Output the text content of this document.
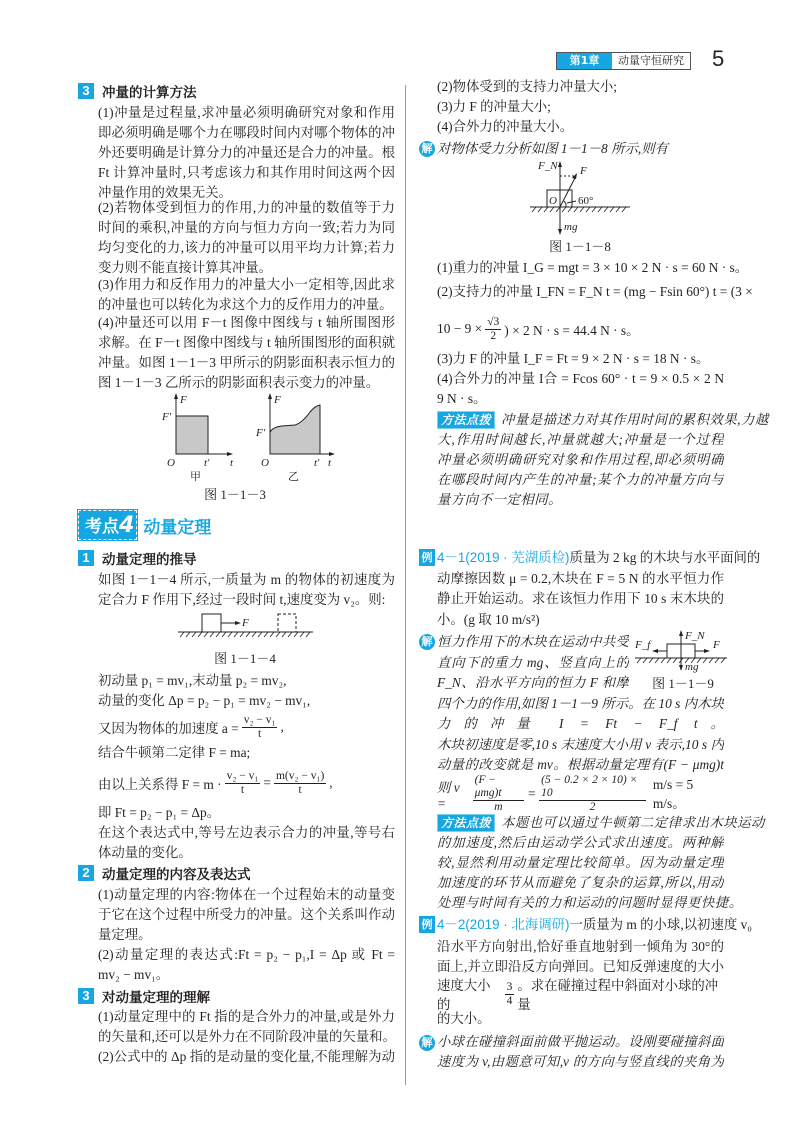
第1章	动量守恒研究 5
3 冲量的计算方法
(1)冲量是过程量,求冲量必须明确研究对象和作用
即必须明确是哪个力在哪段时间内对哪个物体的冲
外还要明确是计算分力的冲量还是合力的冲量。根
Ft 计算冲量时,只考虑该力和其作用时间这两个因
冲量作用的效果无关。
(2)若物体受到恒力的作用,力的冲量的数值等于力
时间的乘积,冲量的方向与恒力方向一致;若力为同
均匀变化的力,该力的冲量可以用平均力计算;若力
变力则不能直接计算其冲量。
(3)作用力和反作用力的冲量大小一定相等,因此求
的冲量也可以转化为求这个力的反作用力的冲量。
(4)冲量还可以用 F－t 图像中图线与 t 轴所围图形
求解。在 F－t 图像中图线与 t 轴所围图形的面积就
冲量。如图 1－1－3 甲所示的阴影面积表示恒力的
图 1－1－3 乙所示的阴影面积表示变力的冲量。
F
F′
O	t′ t
甲
F
F′
O	t′ t
乙
图 1－1－3
考点4 动量定理
1 动量定理的推导
如图 1－1－4 所示,一质量为 m 的物体的初速度为
定合力 F 作用下,经过一段时间 t,速度变为 v₂。则:
F
图 1－1－4
初动量 p₁ = mv₁,末动量 p₂ = mv₂,
动量的变化 Δp = p₂ − p₁ = mv₂ − mv₁,
又因为物体的加速度 $a = \frac{\text{v₂ − v₁}}{t}$ ,
结合牛顿第二定律 F = ma;
由以上关系得 $F = m \cdot \frac{\text{v₂ − v₁}}{t} = \frac{\text{m(v₂ − v₁)}}{t}$ ,
即 Ft = p₂ − p₁ = Δp。
在这个表达式中,等号左边表示合力的冲量,等号右
体动量的变化。
2 动量定理的内容及表达式
(1)动量定理的内容:物体在一个过程始末的动量变
于它在这个过程中所受力的冲量。这个关系叫作动
量定理。
(2)动量定理的表达式:Ft = p₂ − p₁,I = Δp 或 Ft =
mv₂ − mv₁。
3 对动量定理的理解
(1)动量定理中的 Ft 指的是合外力的冲量,或是外力
的矢量和,还可以是外力在不同阶段冲量的矢量和。
(2)公式中的 Δp 指的是动量的变化量,不能理解为动
(2)物体受到的支持力冲量大小;
(3)力 F 的冲量大小;
(4)合外力的冲量大小。
解 对物体受力分析如图 1－1－8 所示,则有
F_N F
60°
O
mg
图 1－1－8
(1)重力的冲量 I_G = mgt = 3 × 10 × 2 N · s = 60 N · s。
(2)支持力的冲量 I_FN = F_N t = (mg − Fsin 60°) t = (3 ×
$10 - 9 \times \frac{√3}{2}$ ) × 2 N · s = 44.4 N · s。
(3)力 F 的冲量 I_F = Ft = 9 × 2 N · s = 18 N · s。
(4)合外力的冲量 I合 = Fcos 60° · t = 9 × 0.5 × 2 N
9 N · s。
方法点拨 冲量是描述力对其作用时间的累积效果,力越
大,作用时间越长,冲量就越大;冲量是一个过程
冲量必须明确研究对象和作用过程,即必须明确
在哪段时间内产生的冲量;某个力的冲量方向与
量方向不一定相同。
例 4－1(2019 · 芜湖质检)质量为 2 kg 的木块与水平面间的
动摩擦因数 μ = 0.2,木块在 F = 5 N 的水平恒力作
静止开始运动。求在该恒力作用下 10 s 末木块的
小。(g 取 10 m/s²)
解 恒力作用下的木块在运动中共受
直向下的重力 mg、竖直向上的
F_N、沿水平方向的恒力 F 和摩
四个力的作用,如图 1－1－9 所示。在 10 s 内木块
力的冲量 I = Ft − F_f t。
木块初速度是零,10 s 末速度大小用 v 表示,10 s 内
动量的改变就是 mv。根据动量定理有(F − μmg)t
F_N
F_f	F
mg
图 1－1－9
则 v =	$\frac{\text{(F − μmg)t}}{m} = \frac{(5 - 0.2 \times 2 \times 10) \times 10}{2} m/s = 5$ m/s。
方法点拨 本题也可以通过牛顿第二定律求出木块运动
的加速度,然后由运动学公式求出速度。两种解
较,显然利用动量定理比较简单。因为动量定理
加速度的环节从而避免了复杂的运算,所以,用动
处理与时间有关的力和运动的问题时显得更快捷。
例 4－2(2019 · 北海调研)一质量为 m 的小球,以初速度 v₀
沿水平方向射出,恰好垂直地射到一倾角为 30°的
面上,并立即沿反方向弹回。已知反弹速度的大小
速度大小的	$\frac{3}{4}$ 。求在碰撞过程中斜面对小球的冲量
的大小。
解 小球在碰撞斜面前做平抛运动。设刚要碰撞斜面
速度为 v,由题意可知,v 的方向与竖直线的夹角为
